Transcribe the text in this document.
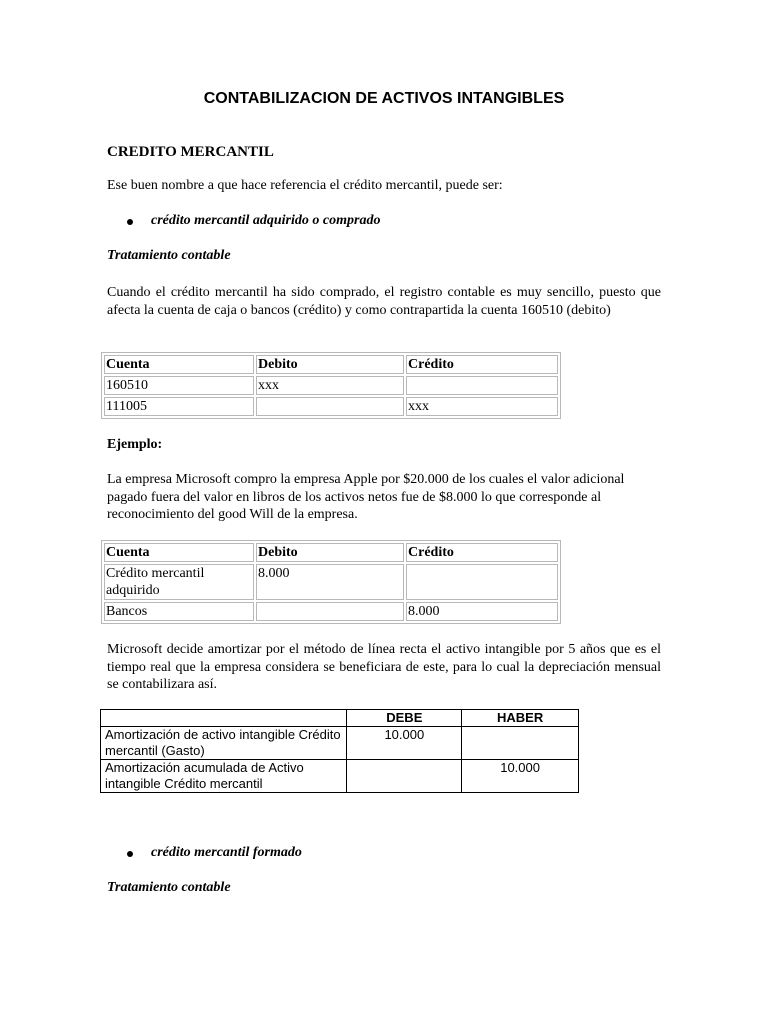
CONTABILIZACION DE ACTIVOS INTANGIBLES
CREDITO MERCANTIL
Ese buen nombre a que hace referencia el crédito mercantil, puede ser:
crédito mercantil adquirido o comprado
Tratamiento contable
Cuando el crédito mercantil ha sido comprado, el registro contable es muy sencillo, puesto que afecta la cuenta de caja o bancos (crédito) y como contrapartida la cuenta 160510 (debito)
Cuenta	Debito	Crédito
160510	xxx	
111005		xxx
Ejemplo:
La empresa Microsoft compro la empresa Apple por $20.000 de los cuales el valor adicional pagado fuera del valor en libros de los activos netos fue de $8.000 lo que corresponde al reconocimiento del good Will de la empresa.
Cuenta	Debito	Crédito
Crédito mercantil adquirido	8.000	
Bancos		8.000
Microsoft decide amortizar por el método de línea recta el activo intangible por 5 años que es el tiempo real que la empresa considera se beneficiara de este, para lo cual la depreciación mensual se contabilizara así.
	DEBE	HABER
Amortización de activo intangible Crédito mercantil (Gasto)	10.000	
Amortización acumulada de Activo intangible Crédito mercantil		10.000
crédito mercantil formado
Tratamiento contable
